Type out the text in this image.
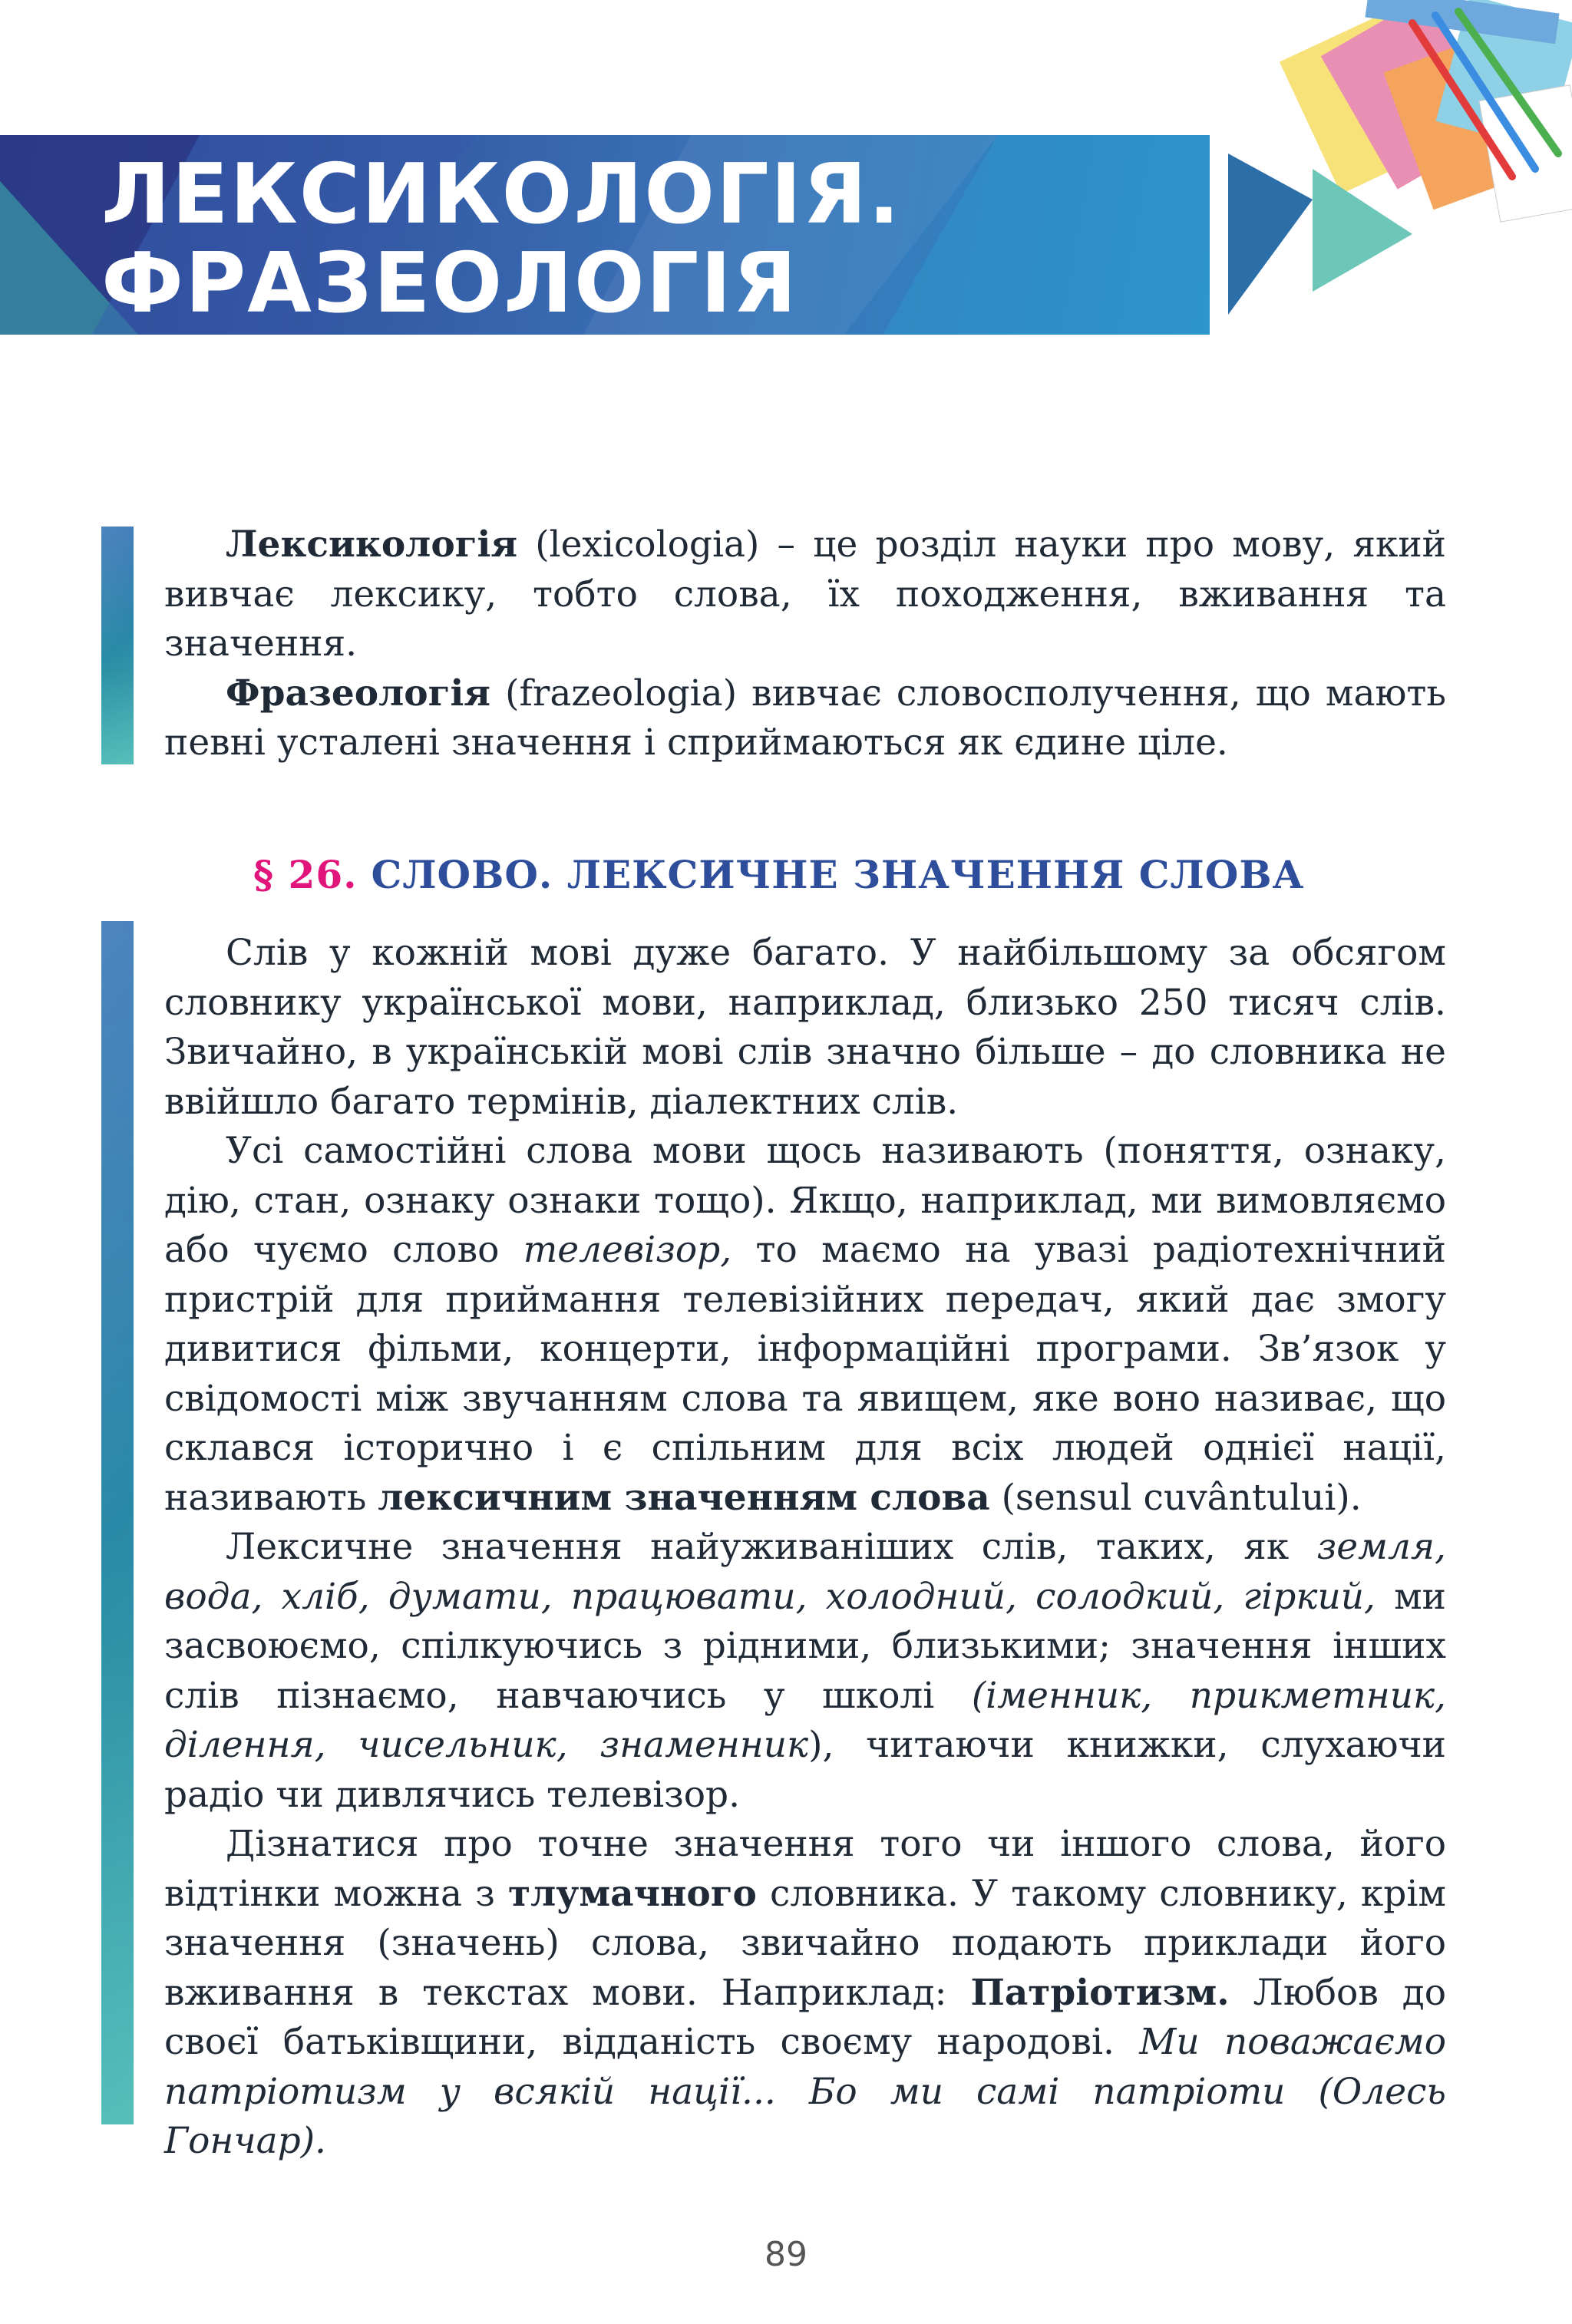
ЛЕКСИКОЛОГІЯ.
ФРАЗЕОЛОГІЯ

Лексикологія (lexicologia) – це розділ науки про мову, який вивчає лексику, тобто слова, їх походження, вживання та значення.

Фразеологія (frazeologia) вивчає словосполучення, що мають певні усталені значення і сприймаються як єдине ціле.

§ 26. СЛОВО. ЛЕКСИЧНЕ ЗНАЧЕННЯ СЛОВА

Слів у кожній мові дуже багато. У найбільшому за обсягом словнику української мови, наприклад, близько 250 тисяч слів. Звичайно, в українській мові слів значно більше – до словника не ввійшло багато термінів, діалектних слів.

Усі самостійні слова мови щось називають (поняття, ознаку, дію, стан, ознаку ознаки тощо). Якщо, наприклад, ми вимовляємо або чуємо слово телевізор, то маємо на увазі радіотехнічний пристрій для приймання телевізійних передач, який дає змогу дивитися фільми, концерти, інформаційні програми. Зв’язок у свідомості між звучанням слова та явищем, яке воно називає, що склався історично і є спільним для всіх людей однієї нації, називають лексичним значенням слова (sensul cuvântului).

Лексичне значення найуживаніших слів, таких, як земля, вода, хліб, думати, працювати, холодний, солодкий, гіркий, ми засвоюємо, спілкуючись з рідними, близькими; значення інших слів пізнаємо, навчаючись у школі (іменник, прикметник, ділення, чисельник, знаменник), читаючи книжки, слухаючи радіо чи дивлячись телевізор.

Дізнатися про точне значення того чи іншого слова, його відтінки можна з тлумачного словника. У такому словнику, крім значення (значень) слова, звичайно подають приклади його вживання в текстах мови. Наприклад: Патріотизм. Любов до своєї батьківщини, відданість своєму народові. Ми поважаємо патріотизм у всякій нації... Бо ми самі патріоти (Олесь Гончар).

89
